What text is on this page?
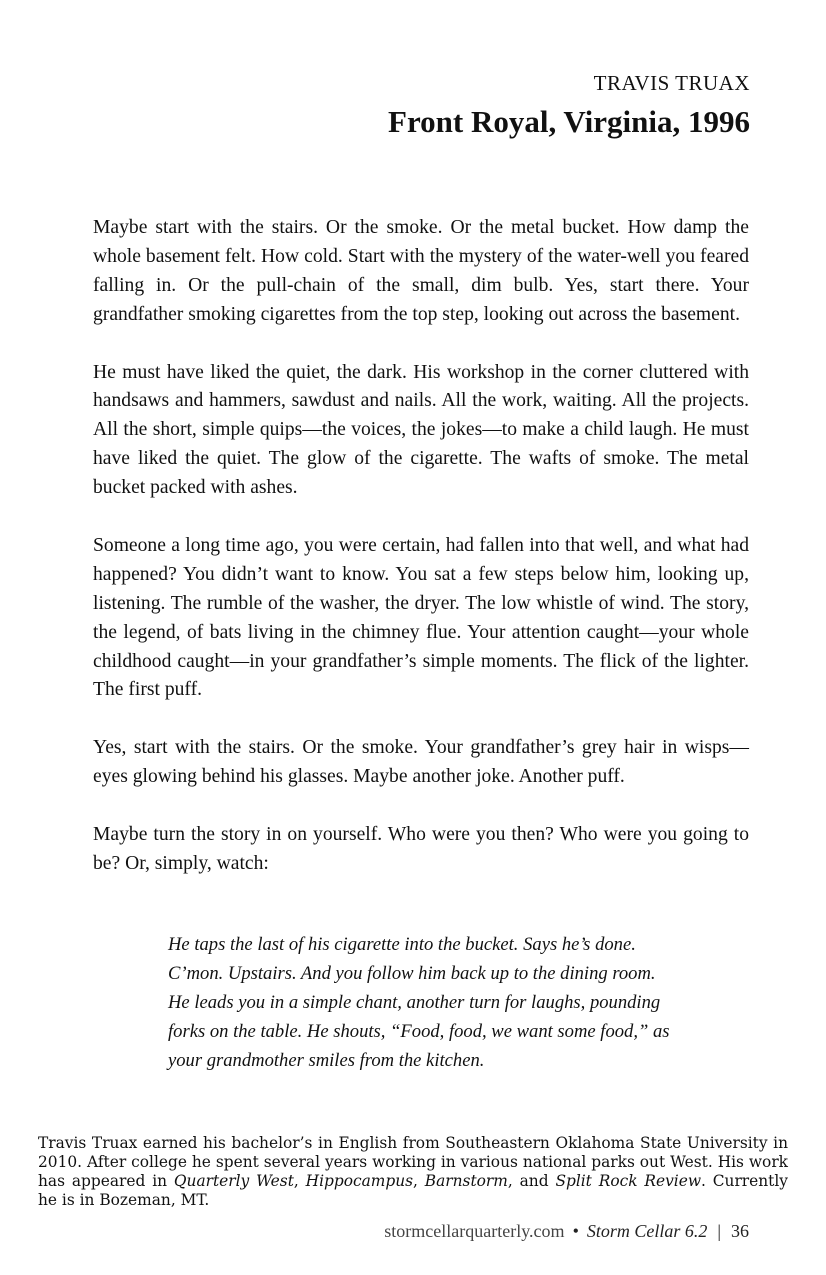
TRAVIS TRUAX
Front Royal, Virginia, 1996

Maybe start with the stairs. Or the smoke. Or the metal bucket. How damp the whole basement felt. How cold. Start with the mystery of the water-well you feared falling in. Or the pull-chain of the small, dim bulb. Yes, start there. Your grandfather smoking cigarettes from the top step, looking out across the basement.

He must have liked the quiet, the dark. His workshop in the corner cluttered with handsaws and hammers, sawdust and nails. All the work, waiting. All the projects. All the short, simple quips—the voices, the jokes—to make a child laugh. He must have liked the quiet. The glow of the cigarette. The wafts of smoke. The metal bucket packed with ashes.

Someone a long time ago, you were certain, had fallen into that well, and what had happened? You didn’t want to know. You sat a few steps below him, looking up, listening. The rumble of the washer, the dryer. The low whistle of wind. The story, the legend, of bats living in the chimney flue. Your attention caught—your whole childhood caught—in your grandfather’s simple moments. The flick of the lighter. The first puff.

Yes, start with the stairs. Or the smoke. Your grandfather’s grey hair in wisps—eyes glowing behind his glasses. Maybe another joke. Another puff.

Maybe turn the story in on yourself. Who were you then? Who were you going to be? Or, simply, watch:

He taps the last of his cigarette into the bucket. Says he’s done.
C’mon. Upstairs. And you follow him back up to the dining room.
He leads you in a simple chant, another turn for laughs, pounding
forks on the table. He shouts, “Food, food, we want some food,” as
your grandmother smiles from the kitchen.
Travis Truax earned his bachelor’s in English from Southeastern Oklahoma State University in 2010. After college he spent several years working in various national parks out West. His work has appeared in Quarterly West, Hippocampus, Barnstorm, and Split Rock Review. Currently he is in Bozeman, MT.
stormcellarquarterly.com • Storm Cellar 6.2 | 36
